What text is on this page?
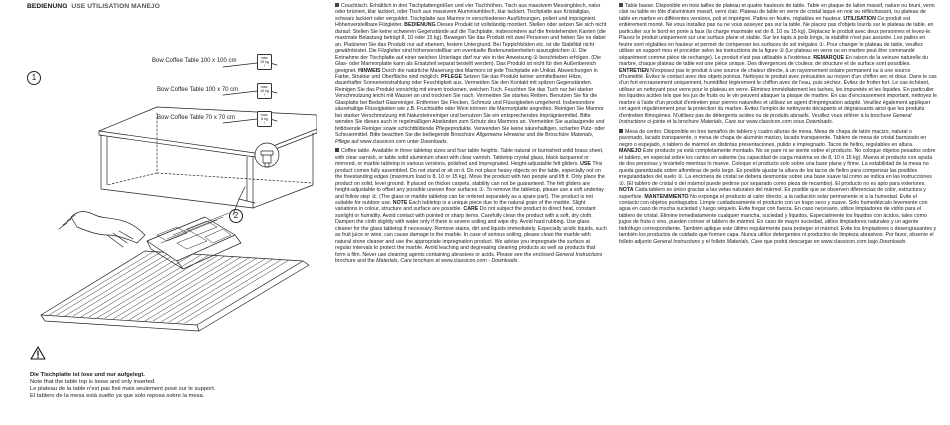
BEDIENUNG USE UTILISATION MANEJO
1
2
Bow Coffee Table 100 x 100 cm
Bow Coffee Table 100 x 70 cm
Bow Coffee Table 70 x 70 cm
max.
15 kg
!
max.
10 kg
!
max.
8 kg
!
Die Tischplatte ist lose und nur aufgelegt.
Note that the table top is loose and only inserted.
Le plateau de la table n'est pas fixé mais seulement posé sur le support.
El tablero de la mesa está suelto ya que solo reposa sobre la mesa.

Couchtisch. Erhältlich in drei Tischplattengrößen und vier Tischhöhen. Tisch aus massivem Messingblech, natur oder brüniert, klar lackiert, oder Tisch aus massivem Aluminiumblech, klar lackiert. Tischplatte aus Kristallglas, schwarz lackiert oder vergoldet. Tischplatte aus Marmor in verschiedenen Ausführungen, poliert und imprägniert. Höhenverstellbare Filzgleiter. BEDIENUNG Dieses Produkt ist vollständig montiert. Stellen oder setzen Sie sich nicht darauf. Stellen Sie keine schweren Gegenstände auf die Tischplatte, insbesondere auf die freistehenden Kanten (die maximale Belastung beträgt 8, 10 oder 15 kg). Bewegen Sie das Produkt mit zwei Personen und heben Sie es dabei an. Platzieren Sie das Produkt nur auf ebenem, festem Untergrund. Bei Teppichböden etc. ist die Stabilität nicht gewährleistet. Die Filzgleiter sind höhenverstellbar um eventuelle Bodenunebenheiten auszugleichen ①. Die Entnahme der Tischplatte auf einer weichen Unterlage darf nur wie in der Anweisung ② beschrieben erfolgen. (Die Glas- oder Marmorplatte kann als Ersatzteil separat bestellt werden). Das Produkt ist nicht für den Außenbereich geeignet. HINWEIS Durch die natürliche Maserung des Marmors ist jede Tischplatte ein Unikat. Abweichungen in Farbe, Struktur und Oberfläche sind möglich. PFLEGE Setzen Sie das Produkt keiner unmittelbaren Hitze, dauerhafter Sonneneinstrahlung oder Feuchtigkeit aus. Vermeiden Sie den Kontakt mit spitzen Gegenständen. Reinigen Sie das Produkt vorsichtig mit einem trockenen, weichen Tuch. Feuchten Sie das Tuch nur bei starker Verschmutzung leicht mit Wasser an und trocknen Sie nach. Vermeiden Sie starkes Reiben. Benutzen Sie für die Glasplatte bei Bedarf Glasreiniger. Entfernen Sie Flecken, Schmutz und Flüssigkeiten umgehend. Insbesondere säurehaltige Flüssigkeiten wie z.B. Fruchtsäfte oder Wein können die Marmorplatte angreifen. Reinigen Sie Marmor bei starker Verschmutzung mit Natursteinreiniger und benutzen Sie ein entsprechendes Imprägniermittel. Bitte wenden Sie dieses auch in regelmäßigen Abständen zum Schutz des Marmors an. Vermeiden Sie auslaugende und fettlösende Reiniger sowie schichtbildende Pflegeprodukte. Verwenden Sie keine säurehaltigen, scharfen Putz- oder Scheuermittel. Bitte beachten Sie die beiliegende Broschüre Allgemeine Hinweise und die Broschüre Materials, Pflege auf www.classicon.com unter Downloads.

Coffee table. Available in three tabletop sizes and four table heights. Table natural or burnished solid brass sheet, with clear varnish, or table solid aluminium sheet with clear varnish. Tabletop crystal glass, black lacquered or mirrored, or marble tabletop in various versions, polished and impregnated. Height-adjustable felt gliders. USE This product comes fully assembled. Do not stand or sit on it. Do not place heavy objects on the table, especially not on the freestanding edges (maximum load is 8, 10 or 15 kg). Move the product with two people and lift it. Only place the product on solid, level ground. If placed on thicker carpets, stability can not be guaranteed. The felt gliders are height-adjustable to offset any possible uneven floor surfaces ①. To remove the tabletop, please use a soft underlay and follow step ②. (The glass or marble tabletop can be ordered separately as a spare part). The product is not suitable for outdoor use. NOTE Each tabletop is a unique piece due to the natural grain of the marble. Slight variations in colour, structure and surface are possible. CARE Do not subject the product to direct heat, constant sunlight or humidity. Avoid contact with pointed or sharp items. Carefully clean the product with a soft, dry cloth. Dampen the cloth slightly with water only if there is severe soiling and wipe dry. Avoid hard rubbing. Use glass cleaner for the glass tabletop if necessary. Remove stains, dirt and liquids immediately. Especially acidic liquids, such as fruit juice or wine, can cause damage to the marble. In case of serious soiling, please clean the marble with natural stone cleaner and use the appropriate impregnation product. We advise you impregnate the surface at regular intervals to protect the marble. Avoid leaching and degreasing cleaning products as well as products that form a film. Never use cleaning agents containing abrasives or acids. Please see the enclosed General Instructions brochure and the Materials, Care brochure at www.classicon.com - Downloads.

Table basse. Disponible en trois tailles de plateau et quatre hauteurs de table. Table en plaque de laiton massif, nature ou bruni, verni clair ou table en tôle d'aluminium massif, verni clair. Plateau de table en verre de cristal laqué en noir ou réfléchissant, ou plateau de table en marbre en différentes versions, poli et imprégné. Patins en feutre, réglables en hauteur. UTILISATION Ce produit est entièrement monté. Ne vous installez pas ou ne vous asseyez pas sur la table. Ne placez pas d'objets lourds sur le plateau de table, en particulier sur le bord en porte à faux (la charge maximale est de 8, 10 ou 15 kg). Déplacez le produit avec deux personnes et levez-le. Placez le produit uniquement sur une surface plane et stable. Sur les tapis à poils longs, la stabilité n'est pas assurée. Les patins en feutre sont réglables en hauteur et permet de compenser les surfaces de sol inégales ①. Pour changer le plateau de table, veuillez utiliser un support mou et procéder selon les instructions de la figure ② (Le plateau en verre ou en marbre peut être commandé séparément comme pièce de rechange). Le produit n'est pas utilisable à l'extérieur. REMARQUE En raison de la veinure naturelle du marbre, chaque plateau de table est une pièce unique. Des divergences de couleur, de structure et de surface sont possibles. ENTRETIEN N'exposez pas le produit à une source de chaleur directe, à un rayonnement solaire permanent ou à une source d'humidité. Évitez le contact avec des objets pointus. Nettoyez le produit avec précaution au moyen d'un chiffon sec et doux. Dans le cas d'un fort encrassement uniquement, humidifiez légèrement le chiffon avec de l'eau, puis séchez. Évitez de frotter fort. Le cas échéant, utilisez un nettoyant pour verre pour le plateau en verre. Éliminez immédiatement les taches, les impuretés et les liquides. En particulier les liquides acides tels que les jus de fruits ou le vin peuvent attaquer la plaque de marbre. En cas d'encrassement important, nettoyez le marbre à l'aide d'un produit d'entretien pour pierres naturelles et utilisez un agent d'imprégnation adapté. Veuillez également appliquer cet agent régulièrement pour la protection du marbre. Évitez l'emploi de nettoyants décapants et dégraissants ainsi que les produits d'entretien filmogènes. N'utilisez pas de détergents acides ou de produits abrasifs. Veuillez vous référer à la brochure General Instructions ci-jointe et la brochure Materials, Care sur www.classicon.com sous Downloads.

Mesa de centro. Disponible en tres tamaños de tablero y cuatro alturas de mesa. Mesa de chapa de latón macizo, natural o pavonado, lacado transparente, o mesa de chapa de aluminio macizo, lacado transparente. Tablero de mesa de cristal barnizado en negro o espejado, o tablero de mármol en distintas presentaciones, pulido e impregnado. Tacos de fieltro, regulables en altura. MANEJO Este producto ya está completamente montado. No se pare ni se siente sobre el producto. No coloque objetos pesados sobre el tablero, en especial sobre los cantos en saliente (su capacidad de carga máxima es de 8, 10 o 15 kg). Mueva el producto con ayuda de dos personas y levántelo mientras lo mueve. Coloque el producto solo sobre una base plana y firme. La estabilidad de la mesa no queda garantizada sobre alfombras de pelo largo. Es posible ajustar la altura de los tacos de fieltro para compensar las posibles irregularidades del suelo ①. La encimera de cristal se debera desmontar sobre una base suave tal como se indica en las instrucciones ②. (El tablero de cristal o del mármol puede pedirse por separado como pieza de recambio). El producto no es apto para exteriores. NOTA Cada tablero es único gracias a las vetas naturales del mármol. Es posible que se observen diferencias de color, estructura y superficie. MANTENIMIENTO No exponga el producto al calor directo, a la radiación solar permanente ni a la humedad. Evite el contacto con objetos puntiagudos. Limpie cuidadosamente el producto con un trapo seco y suave. Solo humedézcalo levemente con agua en caso de mucha suciedad y luego séquelo. Evite fregar con fuerza. En caso necesario, utilice limpiadores de vidrio para el tablero de cristal. Elimine inmediatamente cualquier mancha, suciedad y líquidos. Especialmente los líquidos con ácidos, tales como jugos de fruta o vino, pueden corroer el tablero de mármol. En caso de mayor suciedad, utilice limpiadores naturales y un agente hidrófugo correspondiente. También aplique este último regularmente para proteger el mármol. Evite los limpiadores o desengrasantes y también los productos de cuidado que formen capa. Nunca utilice detergentes ni productos de limpieza abrasivos. Por favor, observe el folleto adjunto General Instructions y el folleto Materials, Care que podrá descargar en www.classicon.com bajo Downloads.
